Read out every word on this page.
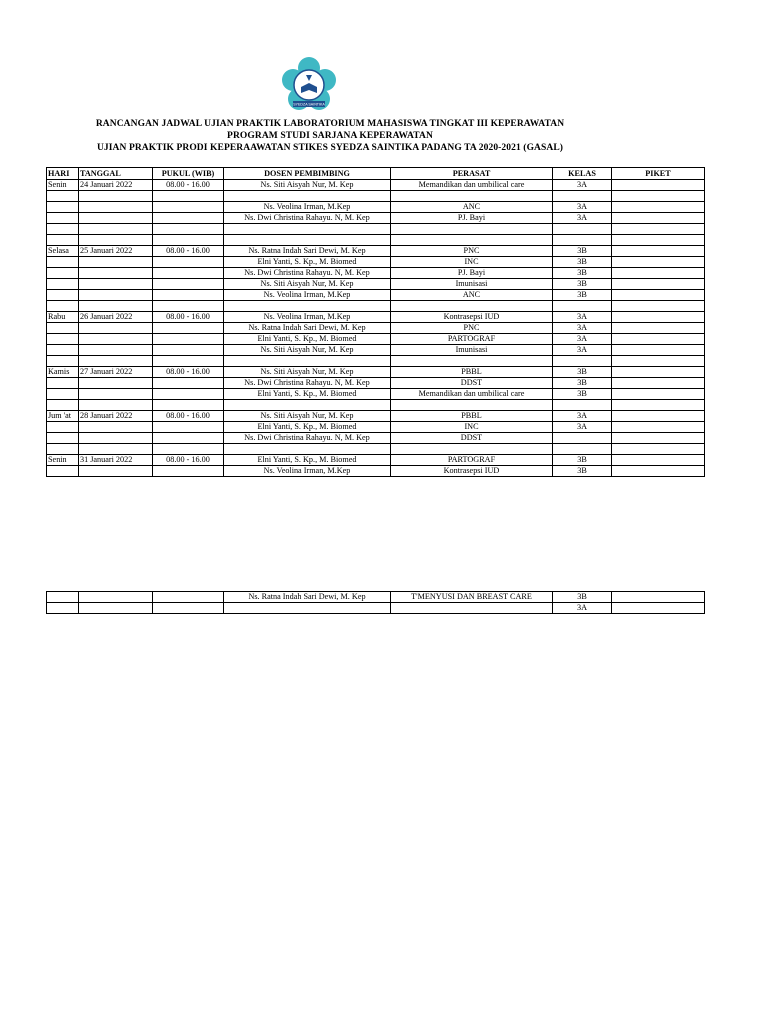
SYEDZA SAINTIKA
RANCANGAN JADWAL UJIAN PRAKTIK LABORATORIUM MAHASISWA TINGKAT III KEPERAWATAN
PROGRAM STUDI SARJANA KEPERAWATAN
UJIAN PRAKTIK PRODI KEPERAAWATAN STIKES SYEDZA SAINTIKA PADANG TA 2020-2021 (GASAL)
HARI	TANGGAL	PUKUL (WIB)	DOSEN PEMBIMBING	PERASAT	KELAS	PIKET
Senin	24 Januari 2022	08.00 - 16.00	Ns. Siti Aisyah Nur, M. Kep	Memandikan dan umbilical care	3A	

			Ns. Veolina Irman, M.Kep	ANC	3A	
			Ns. Dwi Christina Rahayu. N, M. Kep	PJ. Bayi	3A	

Selasa	25 Januari 2022	08.00 - 16.00	Ns. Ratna Indah Sari Dewi, M. Kep	PNC	3B	
			Elni Yanti, S. Kp., M. Biomed	INC	3B	
			Ns. Dwi Christina Rahayu. N, M. Kep	PJ. Bayi	3B	
			Ns. Siti Aisyah Nur, M. Kep	Imunisasi	3B	
			Ns. Veolina Irman, M.Kep	ANC	3B	

Rabu	26 Januari 2022	08.00 - 16.00	Ns. Veolina Irman, M.Kep	Kontrasepsi IUD	3A	
			Ns. Ratna Indah Sari Dewi, M. Kep	PNC	3A	
			Elni Yanti, S. Kp., M. Biomed	PARTOGRAF	3A	
			Ns. Siti Aisyah Nur, M. Kep	Imunisasi	3A	

Kamis	27 Januari 2022	08.00 - 16.00	Ns. Siti Aisyah Nur, M. Kep	PBBL	3B	
			Ns. Dwi Christina Rahayu. N, M. Kep	DDST	3B	
			Elni Yanti, S. Kp., M. Biomed	Memandikan dan umbilical care	3B	

Jum 'at	28 Januari 2022	08.00 - 16.00	Ns. Siti Aisyah Nur, M. Kep	PBBL	3A	
			Elni Yanti, S. Kp., M. Biomed	INC	3A	
			Ns. Dwi Christina Rahayu. N, M. Kep	DDST		

Senin	31 Januari 2022	08.00 - 16.00	Elni Yanti, S. Kp., M. Biomed	PARTOGRAF	3B	
			Ns. Veolina Irman, M.Kep	Kontrasepsi IUD	3B	
			Ns. Ratna Indah Sari Dewi, M. Kep	T'MENYUSI DAN BREAST CARE	3B	
					3A	
